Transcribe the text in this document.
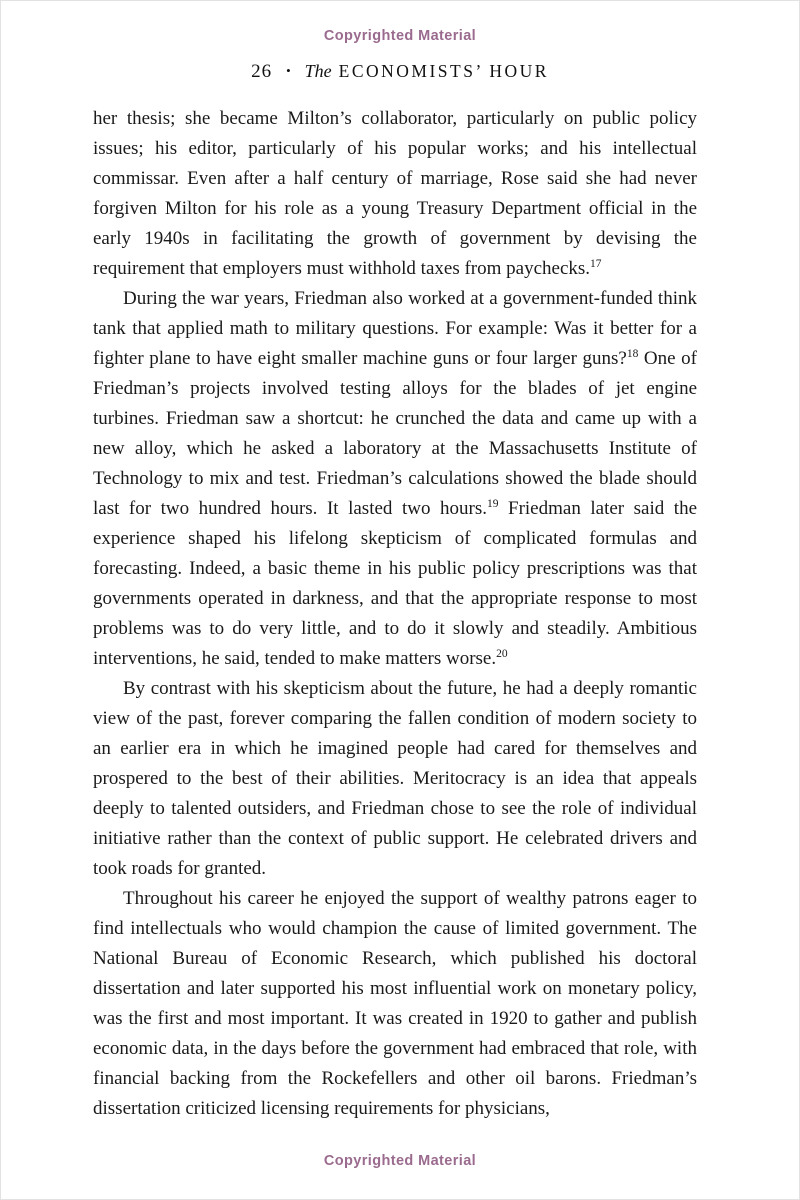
Copyrighted Material
26 • The ECONOMISTS’ HOUR

her thesis; she became Milton’s collaborator, particularly on public policy issues; his editor, particularly of his popular works; and his intellectual commissar. Even after a half century of marriage, Rose said she had never forgiven Milton for his role as a young Treasury Department official in the early 1940s in facilitating the growth of government by devising the requirement that employers must withhold taxes from paychecks.$^{17}$

During the war years, Friedman also worked at a government-funded think tank that applied math to military questions. For example: Was it better for a fighter plane to have eight smaller machine guns or four larger guns?$^{18}$ One of Friedman’s projects involved testing alloys for the blades of jet engine turbines. Friedman saw a shortcut: he crunched the data and came up with a new alloy, which he asked a laboratory at the Massachusetts Institute of Technology to mix and test. Friedman’s calculations showed the blade should last for two hundred hours. It lasted two hours.$^{19}$ Friedman later said the experience shaped his lifelong skepticism of complicated formulas and forecasting. Indeed, a basic theme in his public policy prescriptions was that governments operated in darkness, and that the appropriate response to most problems was to do very little, and to do it slowly and steadily. Ambitious interventions, he said, tended to make matters worse.$^{20}$

By contrast with his skepticism about the future, he had a deeply romantic view of the past, forever comparing the fallen condition of modern society to an earlier era in which he imagined people had cared for themselves and prospered to the best of their abilities. Meritocracy is an idea that appeals deeply to talented outsiders, and Friedman chose to see the role of individual initiative rather than the context of public support. He celebrated drivers and took roads for granted.

Throughout his career he enjoyed the support of wealthy patrons eager to find intellectuals who would champion the cause of limited government. The National Bureau of Economic Research, which published his doctoral dissertation and later supported his most influential work on monetary policy, was the first and most important. It was created in 1920 to gather and publish economic data, in the days before the government had embraced that role, with financial backing from the Rockefellers and other oil barons. Friedman’s dissertation criticized licensing requirements for physicians,

Copyrighted Material
